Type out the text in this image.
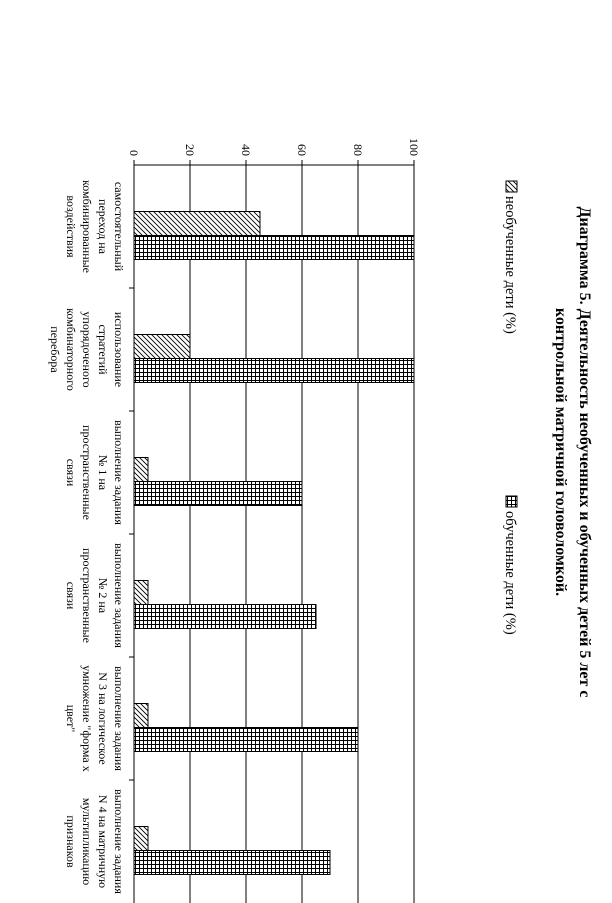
Диаграмма 5. Деятельность необученных и обученных детей 5 лет с
контрольной матричной головоломкой.
необученные дети (%)
обученные дети (%)
0	20	40	60	80	100
самостоятельный
переход на
комбинированные
воздействия
использование
стратегий
упорядоченого
комбинаторного
перебора
выполнение задания
№ 1 на
пространственные
связи
выполнение задания
№ 2 на
пространственные
связи
выполнение задания
N 3 на логическое
умножение "форма х
цвет"
выполнение задания
N 4 на матричную
мультипликацию
признаков
